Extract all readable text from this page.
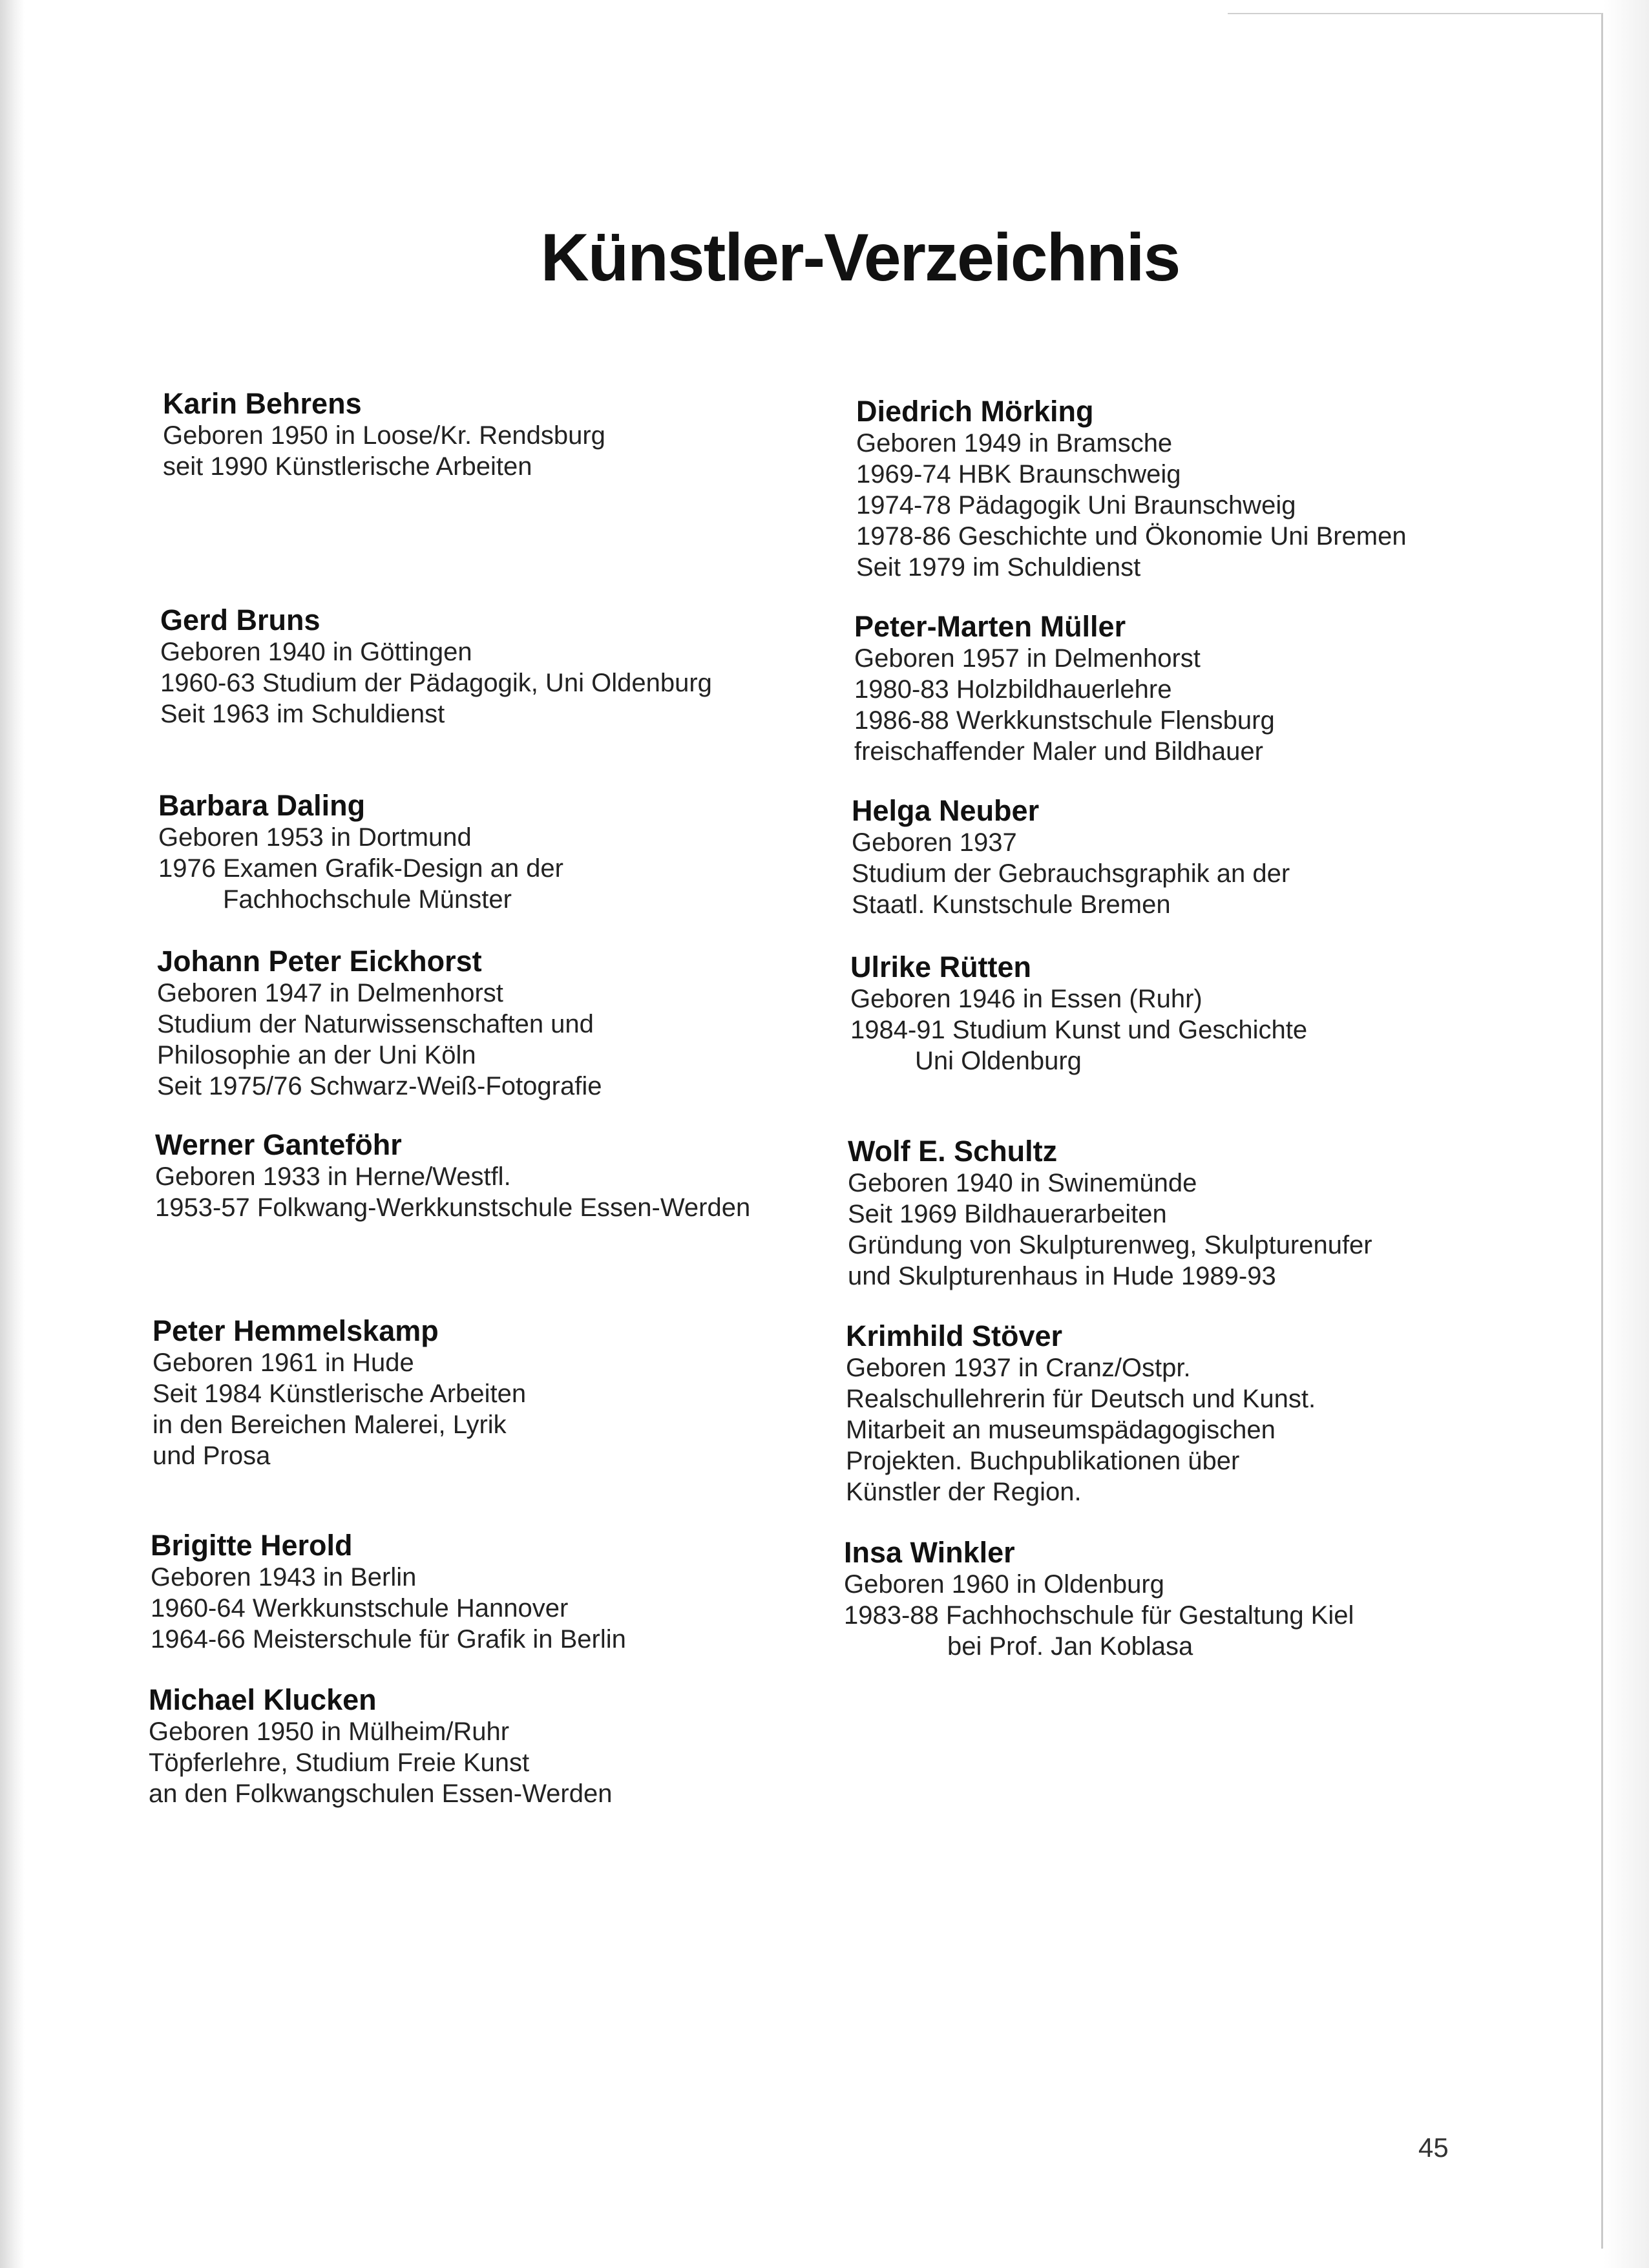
Künstler-Verzeichnis
Karin Behrens
Geboren 1950 in Loose/Kr. Rendsburg
seit 1990 Künstlerische Arbeiten
Gerd Bruns
Geboren 1940 in Göttingen
1960-63 Studium der Pädagogik, Uni Oldenburg
Seit 1963 im Schuldienst
Barbara Daling
Geboren 1953 in Dortmund
1976 Examen Grafik-Design an der
Fachhochschule Münster
Johann Peter Eickhorst
Geboren 1947 in Delmenhorst
Studium der Naturwissenschaften und
Philosophie an der Uni Köln
Seit 1975/76 Schwarz-Weiß-Fotografie
Werner Ganteföhr
Geboren 1933 in Herne/Westfl.
1953-57 Folkwang-Werkkunstschule Essen-Werden
Peter Hemmelskamp
Geboren 1961 in Hude
Seit 1984 Künstlerische Arbeiten
in den Bereichen Malerei, Lyrik
und Prosa
Brigitte Herold
Geboren 1943 in Berlin
1960-64 Werkkunstschule Hannover
1964-66 Meisterschule für Grafik in Berlin
Michael Klucken
Geboren 1950 in Mülheim/Ruhr
Töpferlehre, Studium Freie Kunst
an den Folkwangschulen Essen-Werden
Diedrich Mörking
Geboren 1949 in Bramsche
1969-74 HBK Braunschweig
1974-78 Pädagogik Uni Braunschweig
1978-86 Geschichte und Ökonomie Uni Bremen
Seit 1979 im Schuldienst
Peter-Marten Müller
Geboren 1957 in Delmenhorst
1980-83 Holzbildhauerlehre
1986-88 Werkkunstschule Flensburg
freischaffender Maler und Bildhauer
Helga Neuber
Geboren 1937
Studium der Gebrauchsgraphik an der
Staatl. Kunstschule Bremen
Ulrike Rütten
Geboren 1946 in Essen (Ruhr)
1984-91 Studium Kunst und Geschichte
Uni Oldenburg
Wolf E. Schultz
Geboren 1940 in Swinemünde
Seit 1969 Bildhauerarbeiten
Gründung von Skulpturenweg, Skulpturenufer
und Skulpturenhaus in Hude 1989-93
Krimhild Stöver
Geboren 1937 in Cranz/Ostpr.
Realschullehrerin für Deutsch und Kunst.
Mitarbeit an museumspädagogischen
Projekten. Buchpublikationen über
Künstler der Region.
Insa Winkler
Geboren 1960 in Oldenburg
1983-88 Fachhochschule für Gestaltung Kiel
bei Prof. Jan Koblasa
45
